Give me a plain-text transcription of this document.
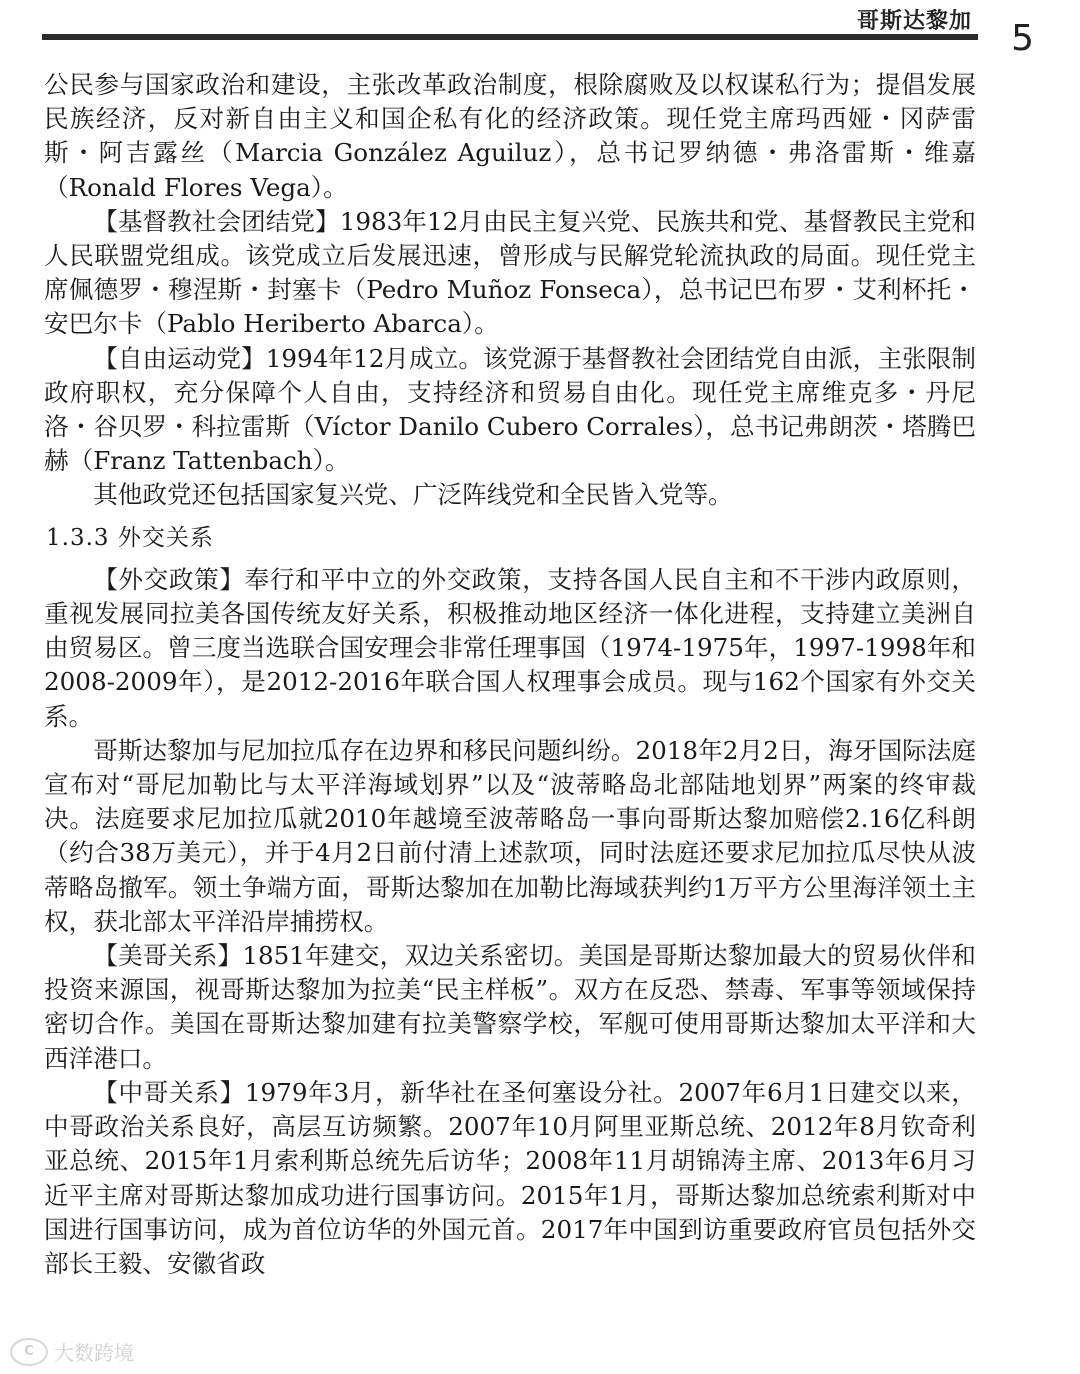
哥斯达黎加 5

公民参与国家政治和建设，主张改革政治制度，根除腐败及以权谋私行为；提倡发展民族经济，反对新自由主义和国企私有化的经济政策。现任党主席玛西娅・冈萨雷斯・阿吉露丝（Marcia González Aguiluz），总书记罗纳德・弗洛雷斯・维嘉（Ronald Flores Vega）。

【基督教社会团结党】1983年12月由民主复兴党、民族共和党、基督教民主党和人民联盟党组成。该党成立后发展迅速，曾形成与民解党轮流执政的局面。现任党主席佩德罗・穆涅斯・封塞卡（Pedro Muñoz Fonseca），总书记巴布罗・艾利杯托・安巴尔卡（Pablo Heriberto Abarca）。

【自由运动党】1994年12月成立。该党源于基督教社会团结党自由派，主张限制政府职权，充分保障个人自由，支持经济和贸易自由化。现任党主席维克多・丹尼洛・谷贝罗・科拉雷斯（Víctor Danilo Cubero Corrales），总书记弗朗茨・塔腾巴赫（Franz Tattenbach）。

其他政党还包括国家复兴党、广泛阵线党和全民皆入党等。

1.3.3 外交关系

【外交政策】奉行和平中立的外交政策，支持各国人民自主和不干涉内政原则，重视发展同拉美各国传统友好关系，积极推动地区经济一体化进程，支持建立美洲自由贸易区。曾三度当选联合国安理会非常任理事国（1974-1975年，1997-1998年和2008-2009年），是2012-2016年联合国人权理事会成员。现与162个国家有外交关系。

哥斯达黎加与尼加拉瓜存在边界和移民问题纠纷。2018年2月2日，海牙国际法庭宣布对“哥尼加勒比与太平洋海域划界”以及“波蒂略岛北部陆地划界”两案的终审裁决。法庭要求尼加拉瓜就2010年越境至波蒂略岛一事向哥斯达黎加赔偿2.16亿科朗（约合38万美元），并于4月2日前付清上述款项，同时法庭还要求尼加拉瓜尽快从波蒂略岛撤军。领土争端方面，哥斯达黎加在加勒比海域获判约1万平方公里海洋领土主权，获北部太平洋沿岸捕捞权。

【美哥关系】1851年建交，双边关系密切。美国是哥斯达黎加最大的贸易伙伴和投资来源国，视哥斯达黎加为拉美“民主样板”。双方在反恐、禁毒、军事等领域保持密切合作。美国在哥斯达黎加建有拉美警察学校，军舰可使用哥斯达黎加太平洋和大西洋港口。

【中哥关系】1979年3月，新华社在圣何塞设分社。2007年6月1日建交以来，中哥政治关系良好，高层互访频繁。2007年10月阿里亚斯总统、2012年8月钦奇利亚总统、2015年1月索利斯总统先后访华；2008年11月胡锦涛主席、2013年6月习近平主席对哥斯达黎加成功进行国事访问。2015年1月，哥斯达黎加总统索利斯对中国进行国事访问，成为首位访华的外国元首。2017年中国到访重要政府官员包括外交部长王毅、安徽省政

C	大数跨境
